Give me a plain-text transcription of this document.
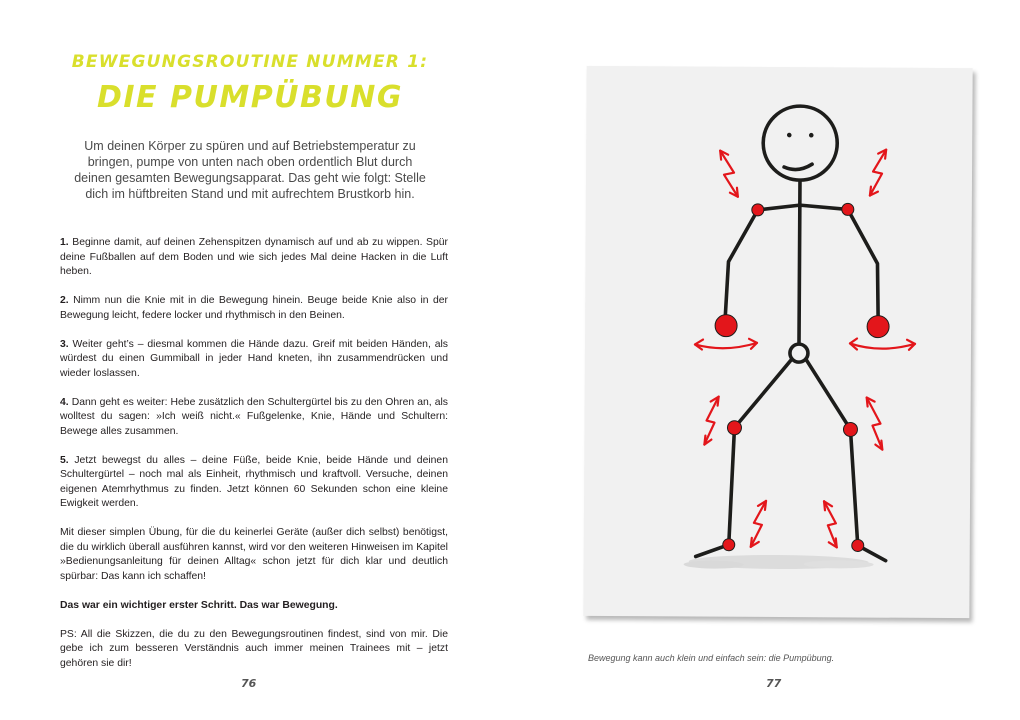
BEWEGUNGSROUTINE NUMMER 1:
DIE PUMPÜBUNG
Um deinen Körper zu spüren und auf Betriebstemperatur zu bringen, pumpe von unten nach oben ordentlich Blut durch deinen gesamten Bewegungsapparat. Das geht wie folgt: Stelle dich im hüftbreiten Stand und mit aufrechtem Brustkorb hin.

1. Beginne damit, auf deinen Zehenspitzen dynamisch auf und ab zu wippen. Spür deine Fußballen auf dem Boden und wie sich jedes Mal deine Hacken in die Luft heben.

2. Nimm nun die Knie mit in die Bewegung hinein. Beuge beide Knie also in der Bewegung leicht, federe locker und rhythmisch in den Beinen.

3. Weiter geht’s – diesmal kommen die Hände dazu. Greif mit beiden Händen, als würdest du einen Gummiball in jeder Hand kneten, ihn zusammendrücken und wieder loslassen.

4. Dann geht es weiter: Hebe zusätzlich den Schultergürtel bis zu den Ohren an, als wolltest du sagen: »Ich weiß nicht.« Fußgelenke, Knie, Hände und Schultern: Bewege alles zusammen.

5. Jetzt bewegst du alles – deine Füße, beide Knie, beide Hände und deinen Schultergürtel – noch mal als Einheit, rhythmisch und kraftvoll. Versuche, deinen eigenen Atemrhythmus zu finden. Jetzt können 60 Sekunden schon eine kleine Ewigkeit werden.

Mit dieser simplen Übung, für die du keinerlei Geräte (außer dich selbst) benötigst, die du wirklich überall ausführen kannst, wird vor den weiteren Hinweisen im Kapitel »Bedienungsanleitung für deinen Alltag« schon jetzt für dich klar und deutlich spürbar: Das kann ich schaffen!

Das war ein wichtiger erster Schritt. Das war Bewegung.

PS: All die Skizzen, die du zu den Bewegungsroutinen findest, sind von mir. Die gebe ich zum besseren Verständnis auch immer meinen Trainees mit – jetzt gehören sie dir!

76
Bewegung kann auch klein und einfach sein: die Pumpübung.
77
